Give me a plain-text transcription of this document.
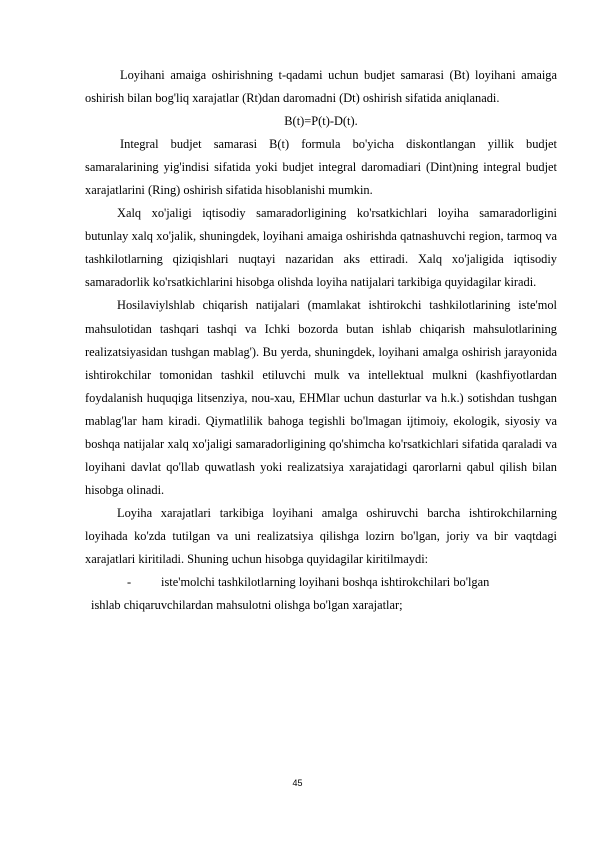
Loyihani amaiga oshirishning t-qadami uchun budjet samarasi (Bt) loyihani amaiga oshirish bilan bog'liq xarajatlar (Rt)dan daromadni (Dt) oshirish sifatida aniqlanadi.

B(t)=P(t)-D(t).

Integral budjet samarasi B(t) formula bo'yicha diskontlangan yillik budjet samaralarining yig'indisi sifatida yoki budjet integral daromadiari (Dint)ning integral budjet xarajatlarini (Ring) oshirish sifatida hisoblanishi mumkin.

Xalq xo'jaligi iqtisodiy samaradorligining ko'rsatkichlari loyiha samaradorligini butunlay xalq xo'jalik, shuningdek, loyihani amaiga oshirishda qatnashuvchi region, tarmoq va tashkilotlarning qiziqishlari nuqtayi nazaridan aks ettiradi. Xalq xo'jaligida iqtisodiy samaradorlik ko'rsatkichlarini hisobga olishda loyiha natijalari tarkibiga quyidagilar kiradi.

Hosilaviylshlab chiqarish natijalari (mamlakat ishtirokchi tashkilotlarining iste'mol mahsulotidan tashqari tashqi va Ichki bozorda butan ishlab chiqarish mahsulotlarining realizatsiyasidan tushgan mablag'). Bu yerda, shuningdek, loyihani amalga oshirish jarayonida ishtirokchilar tomonidan tashkil etiluvchi mulk va intellektual mulkni (kashfiyotlardan foydalanish huquqiga litsenziya, nou-xau, EHMlar uchun dasturlar va h.k.) sotishdan tushgan mablag'lar ham kiradi. Qiymatlilik bahoga tegishli bo'lmagan ijtimoiy, ekologik, siyosiy va boshqa natijalar xalq xo'jaligi samaradorligining qo'shimcha ko'rsatkichlari sifatida qaraladi va loyihani davlat qo'llab quwatlash yoki realizatsiya xarajatidagi qarorlarni qabul qilish bilan hisobga olinadi.

Loyiha xarajatlari tarkibiga loyihani amalga oshiruvchi barcha ishtirokchilarning loyihada ko'zda tutilgan va uni realizatsiya qilishga lozirn bo'lgan, joriy va bir vaqtdagi xarajatlari kiritiladi. Shuning uchun hisobga quyidagilar kiritilmaydi:

- iste'molchi tashkilotlarning loyihani boshqa ishtirokchilari bo'lgan

ishlab chiqaruvchilardan mahsulotni olishga bo'lgan xarajatlar;

45
